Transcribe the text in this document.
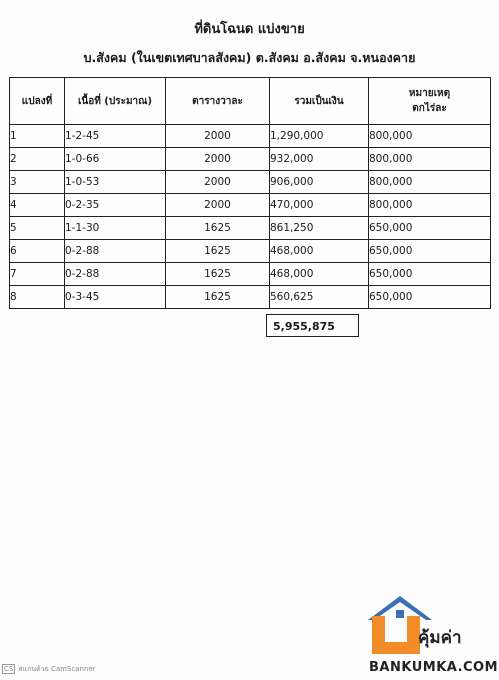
ที่ดินโฉนด แบ่งขาย
บ.สังคม (ในเขตเทศบาลสังคม) ต.สังคม อ.สังคม จ.หนองคาย
แปลงที่	เนื้อที่ (ประมาณ)	ตารางวาละ	รวมเป็นเงิน	หมายเหตุ
ตกไร่ละ

1	1-2-45	2000	1,290,000	800,000
2	1-0-66	2000	932,000	800,000
3	1-0-53	2000	906,000	800,000
4	0-2-35	2000	470,000	800,000
5	1-1-30	1625	861,250	650,000
6	0-2-88	1625	468,000	650,000
7	0-2-88	1625	468,000	650,000
8	0-3-45	1625	560,625	650,000
5,955,875
CS สแกนด้วย CamScanner
คุ้มค่า
BANKUMKA.COM
